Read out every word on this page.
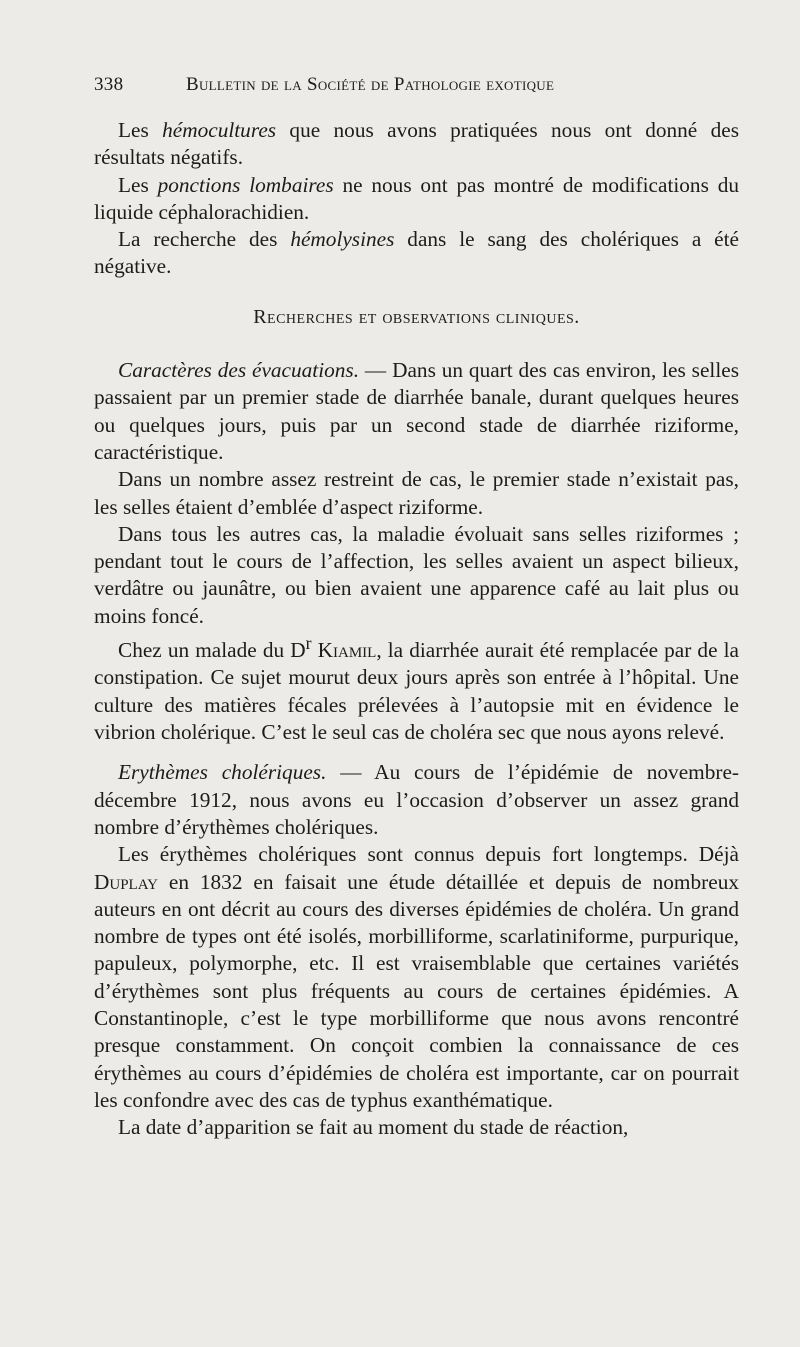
338	Bulletin de la Société de Pathologie exotique

Les hémocultures que nous avons pratiquées nous ont donné des résultats négatifs.

Les ponctions lombaires ne nous ont pas montré de modifications du liquide céphalorachidien.

La recherche des hémolysines dans le sang des cholériques a été négative.

Recherches et observations cliniques.

Caractères des évacuations. — Dans un quart des cas environ, les selles passaient par un premier stade de diarrhée banale, durant quelques heures ou quelques jours, puis par un second stade de diarrhée riziforme, caractéristique.

Dans un nombre assez restreint de cas, le premier stade n’existait pas, les selles étaient d’emblée d’aspect riziforme.

Dans tous les autres cas, la maladie évoluait sans selles riziformes ; pendant tout le cours de l’affection, les selles avaient un aspect bilieux, verdâtre ou jaunâtre, ou bien avaient une apparence café au lait plus ou moins foncé.

Chez un malade du $D^r$ Kiamil, la diarrhée aurait été remplacée par de la constipation. Ce sujet mourut deux jours après son entrée à l’hôpital. Une culture des matières fécales prélevées à l’autopsie mit en évidence le vibrion cholérique. C’est le seul cas de choléra sec que nous ayons relevé.

Erythèmes cholériques. — Au cours de l’épidémie de novembre-décembre 1912, nous avons eu l’occasion d’observer un assez grand nombre d’érythèmes cholériques.

Les érythèmes cholériques sont connus depuis fort longtemps. Déjà Duplay en 1832 en faisait une étude détaillée et depuis de nombreux auteurs en ont décrit au cours des diverses épidémies de choléra. Un grand nombre de types ont été isolés, morbilliforme, scarlatiniforme, purpurique, papuleux, polymorphe, etc. Il est vraisemblable que certaines variétés d’érythèmes sont plus fréquents au cours de certaines épidémies. A Constantinople, c’est le type morbilliforme que nous avons rencontré presque constamment. On conçoit combien la connaissance de ces érythèmes au cours d’épidémies de choléra est importante, car on pourrait les confondre avec des cas de typhus exanthématique.

La date d’apparition se fait au moment du stade de réaction,
